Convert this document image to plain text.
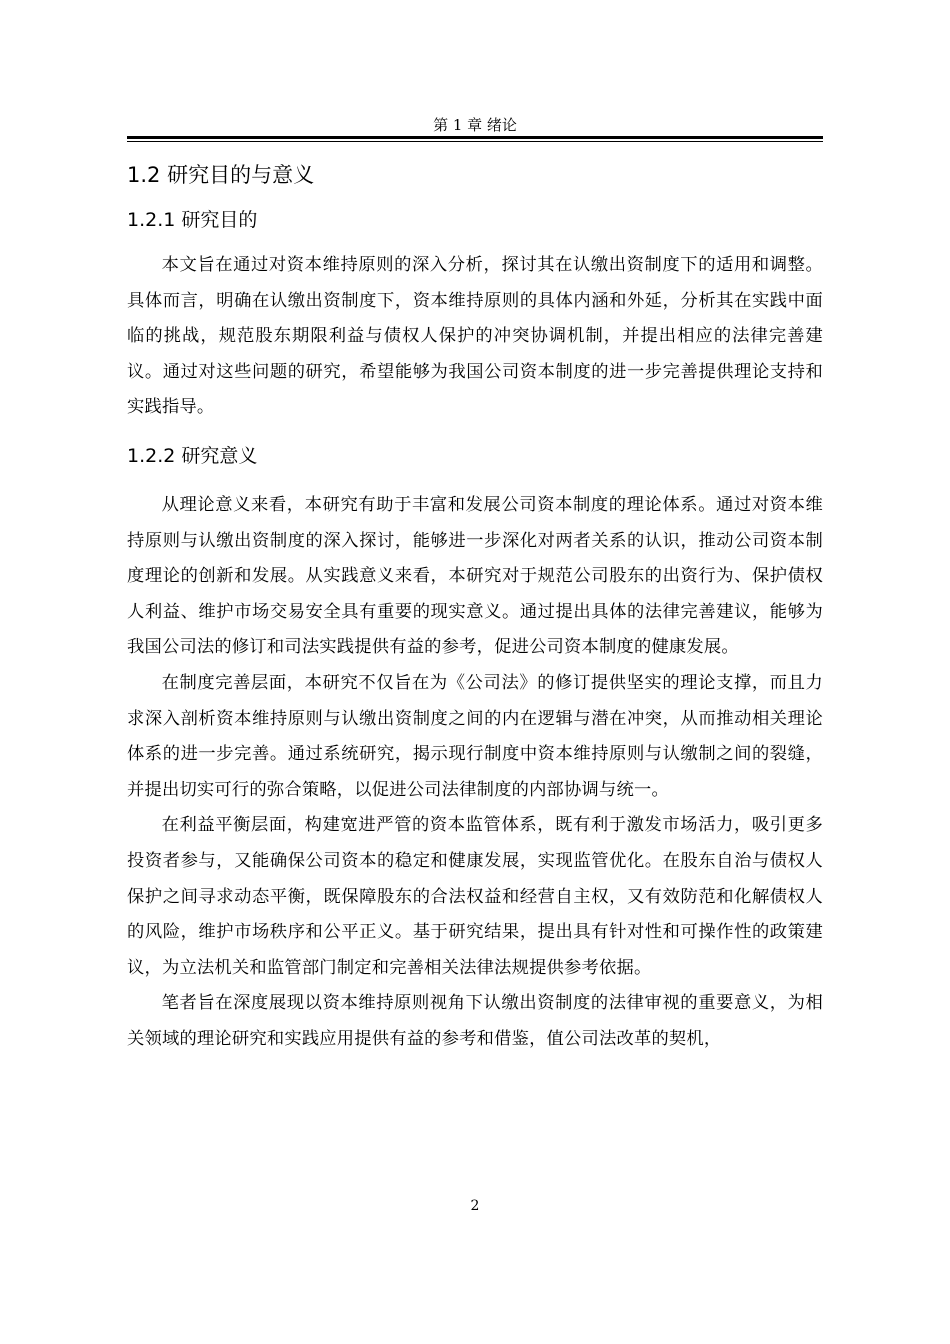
第 1 章 绪论
1.2 研究目的与意义
1.2.1 研究目的

本文旨在通过对资本维持原则的深入分析，探讨其在认缴出资制度下的适用和调整。具体而言，明确在认缴出资制度下，资本维持原则的具体内涵和外延，分析其在实践中面临的挑战，规范股东期限利益与债权人保护的冲突协调机制，并提出相应的法律完善建议。通过对这些问题的研究，希望能够为我国公司资本制度的进一步完善提供理论支持和实践指导。

1.2.2 研究意义

从理论意义来看，本研究有助于丰富和发展公司资本制度的理论体系。通过对资本维持原则与认缴出资制度的深入探讨，能够进一步深化对两者关系的认识，推动公司资本制度理论的创新和发展。从实践意义来看，本研究对于规范公司股东的出资行为、保护债权人利益、维护市场交易安全具有重要的现实意义。通过提出具体的法律完善建议，能够为我国公司法的修订和司法实践提供有益的参考，促进公司资本制度的健康发展。

在制度完善层面，本研究不仅旨在为《公司法》的修订提供坚实的理论支撑，而且力求深入剖析资本维持原则与认缴出资制度之间的内在逻辑与潜在冲突，从而推动相关理论体系的进一步完善。通过系统研究，揭示现行制度中资本维持原则与认缴制之间的裂缝，并提出切实可行的弥合策略，以促进公司法律制度的内部协调与统一。

在利益平衡层面，构建宽进严管的资本监管体系，既有利于激发市场活力，吸引更多投资者参与，又能确保公司资本的稳定和健康发展，实现监管优化。在股东自治与债权人保护之间寻求动态平衡，既保障股东的合法权益和经营自主权，又有效防范和化解债权人的风险，维护市场秩序和公平正义。基于研究结果，提出具有针对性和可操作性的政策建议，为立法机关和监管部门制定和完善相关法律法规提供参考依据。

笔者旨在深度展现以资本维持原则视角下认缴出资制度的法律审视的重要意义，为相关领域的理论研究和实践应用提供有益的参考和借鉴，值公司法改革的契机，

2
